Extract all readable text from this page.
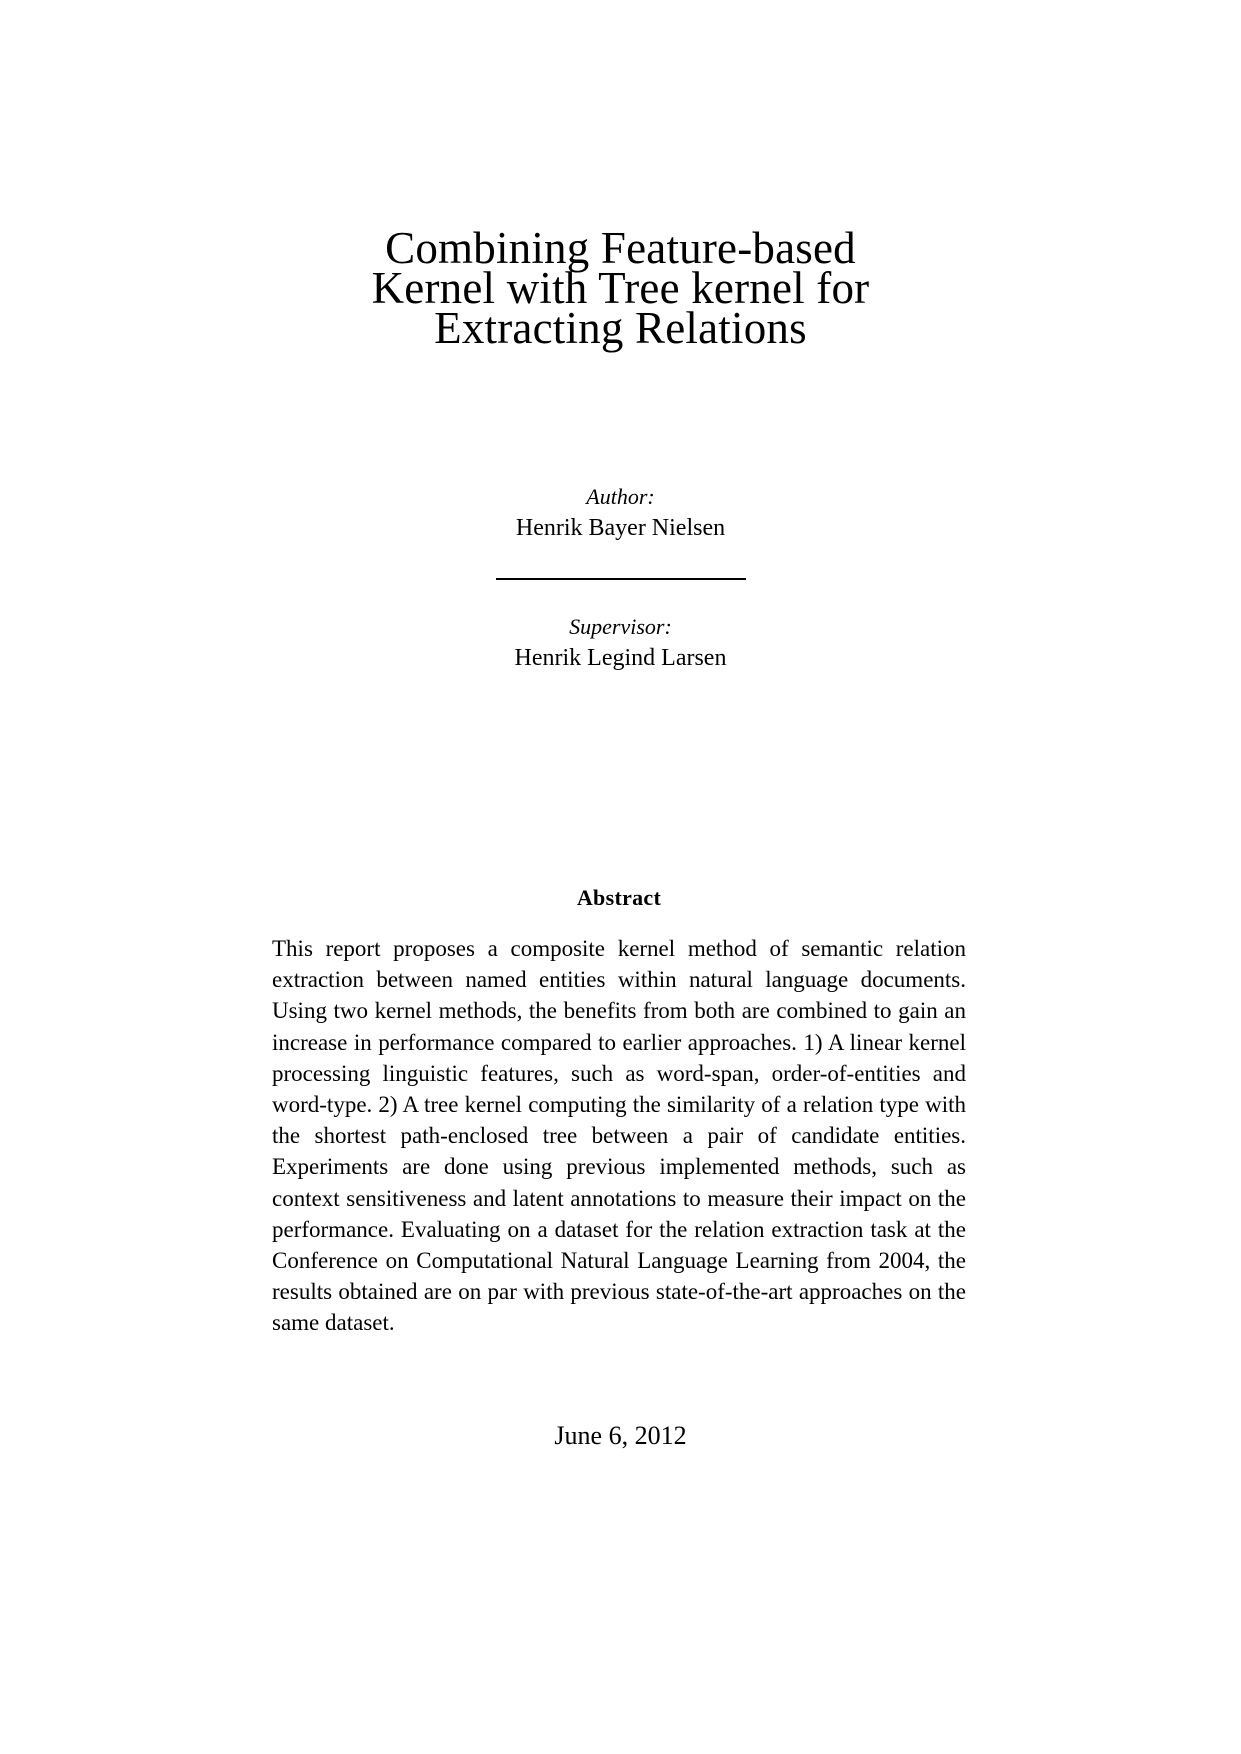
Combining Feature-based
Kernel with Tree kernel for
Extracting Relations
Author:
Henrik Bayer Nielsen
Supervisor:
Henrik Legind Larsen
Abstract

This report proposes a composite kernel method of semantic relation extraction between named entities within natural language documents. Using two kernel methods, the benefits from both are combined to gain an increase in performance compared to earlier approaches. 1) A linear kernel processing linguistic features, such as word-span, order-of-entities and word-type. 2) A tree kernel computing the similarity of a relation type with the shortest path-enclosed tree between a pair of candidate entities. Experiments are done using previous implemented methods, such as context sensitiveness and latent annotations to measure their impact on the performance. Evaluating on a dataset for the relation extraction task at the Conference on Computational Natural Language Learning from 2004, the results obtained are on par with previous state-of-the-art approaches on the same dataset.

June 6, 2012
